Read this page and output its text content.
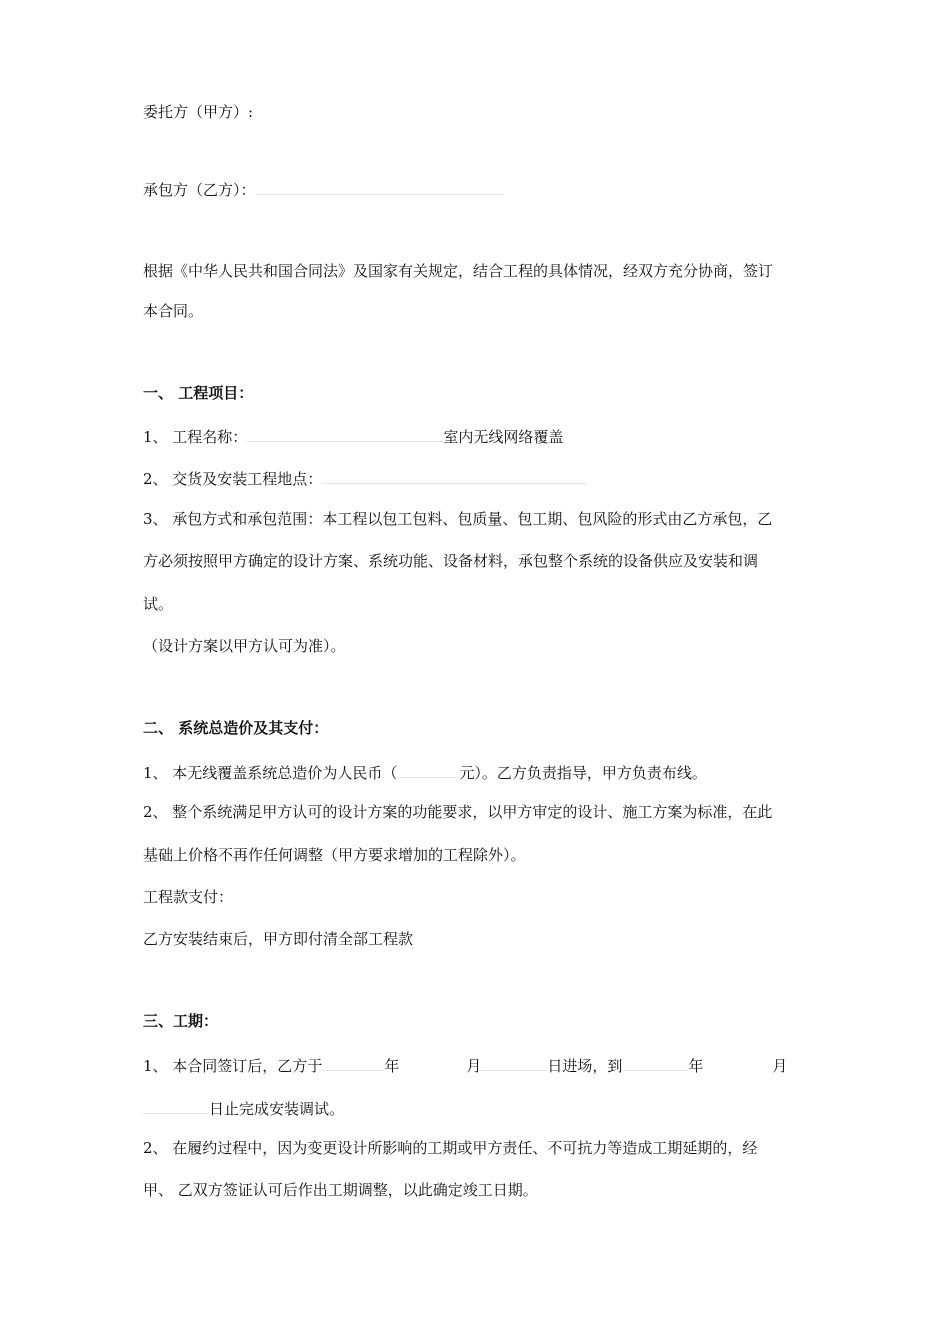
委托方（甲方）:
承包方（乙方）：
根据《中华人民共和国合同法》及国家有关规定，结合工程的具体情况，经双方充分协商，签订
本合同。
一、 工程项目：
1、 工程名称：	室内无线网络覆盖
2、 交货及安装工程地点：
3、 承包方式和承包范围：本工程以包工包料、包质量、包工期、包风险的形式由乙方承包，乙
方必须按照甲方确定的设计方案、系统功能、设备材料，承包整个系统的设备供应及安装和调
试。
（设计方案以甲方认可为准）。
二、 系统总造价及其支付：
1、 本无线覆盖系统总造价为人民币（	元）。乙方负责指导，甲方负责布线。
2、 整个系统满足甲方认可的设计方案的功能要求，以甲方审定的设计、施工方案为标准，在此
基础上价格不再作任何调整（甲方要求增加的工程除外）。
工程款支付：
乙方安装结束后，甲方即付清全部工程款
三、工期：
1、 本合同签订后，乙方于	年	月	日进场，到	年	月
日止完成安装调试。
2、 在履约过程中，因为变更设计所影响的工期或甲方责任、不可抗力等造成工期延期的，经
甲、 乙双方签证认可后作出工期调整，以此确定竣工日期。
